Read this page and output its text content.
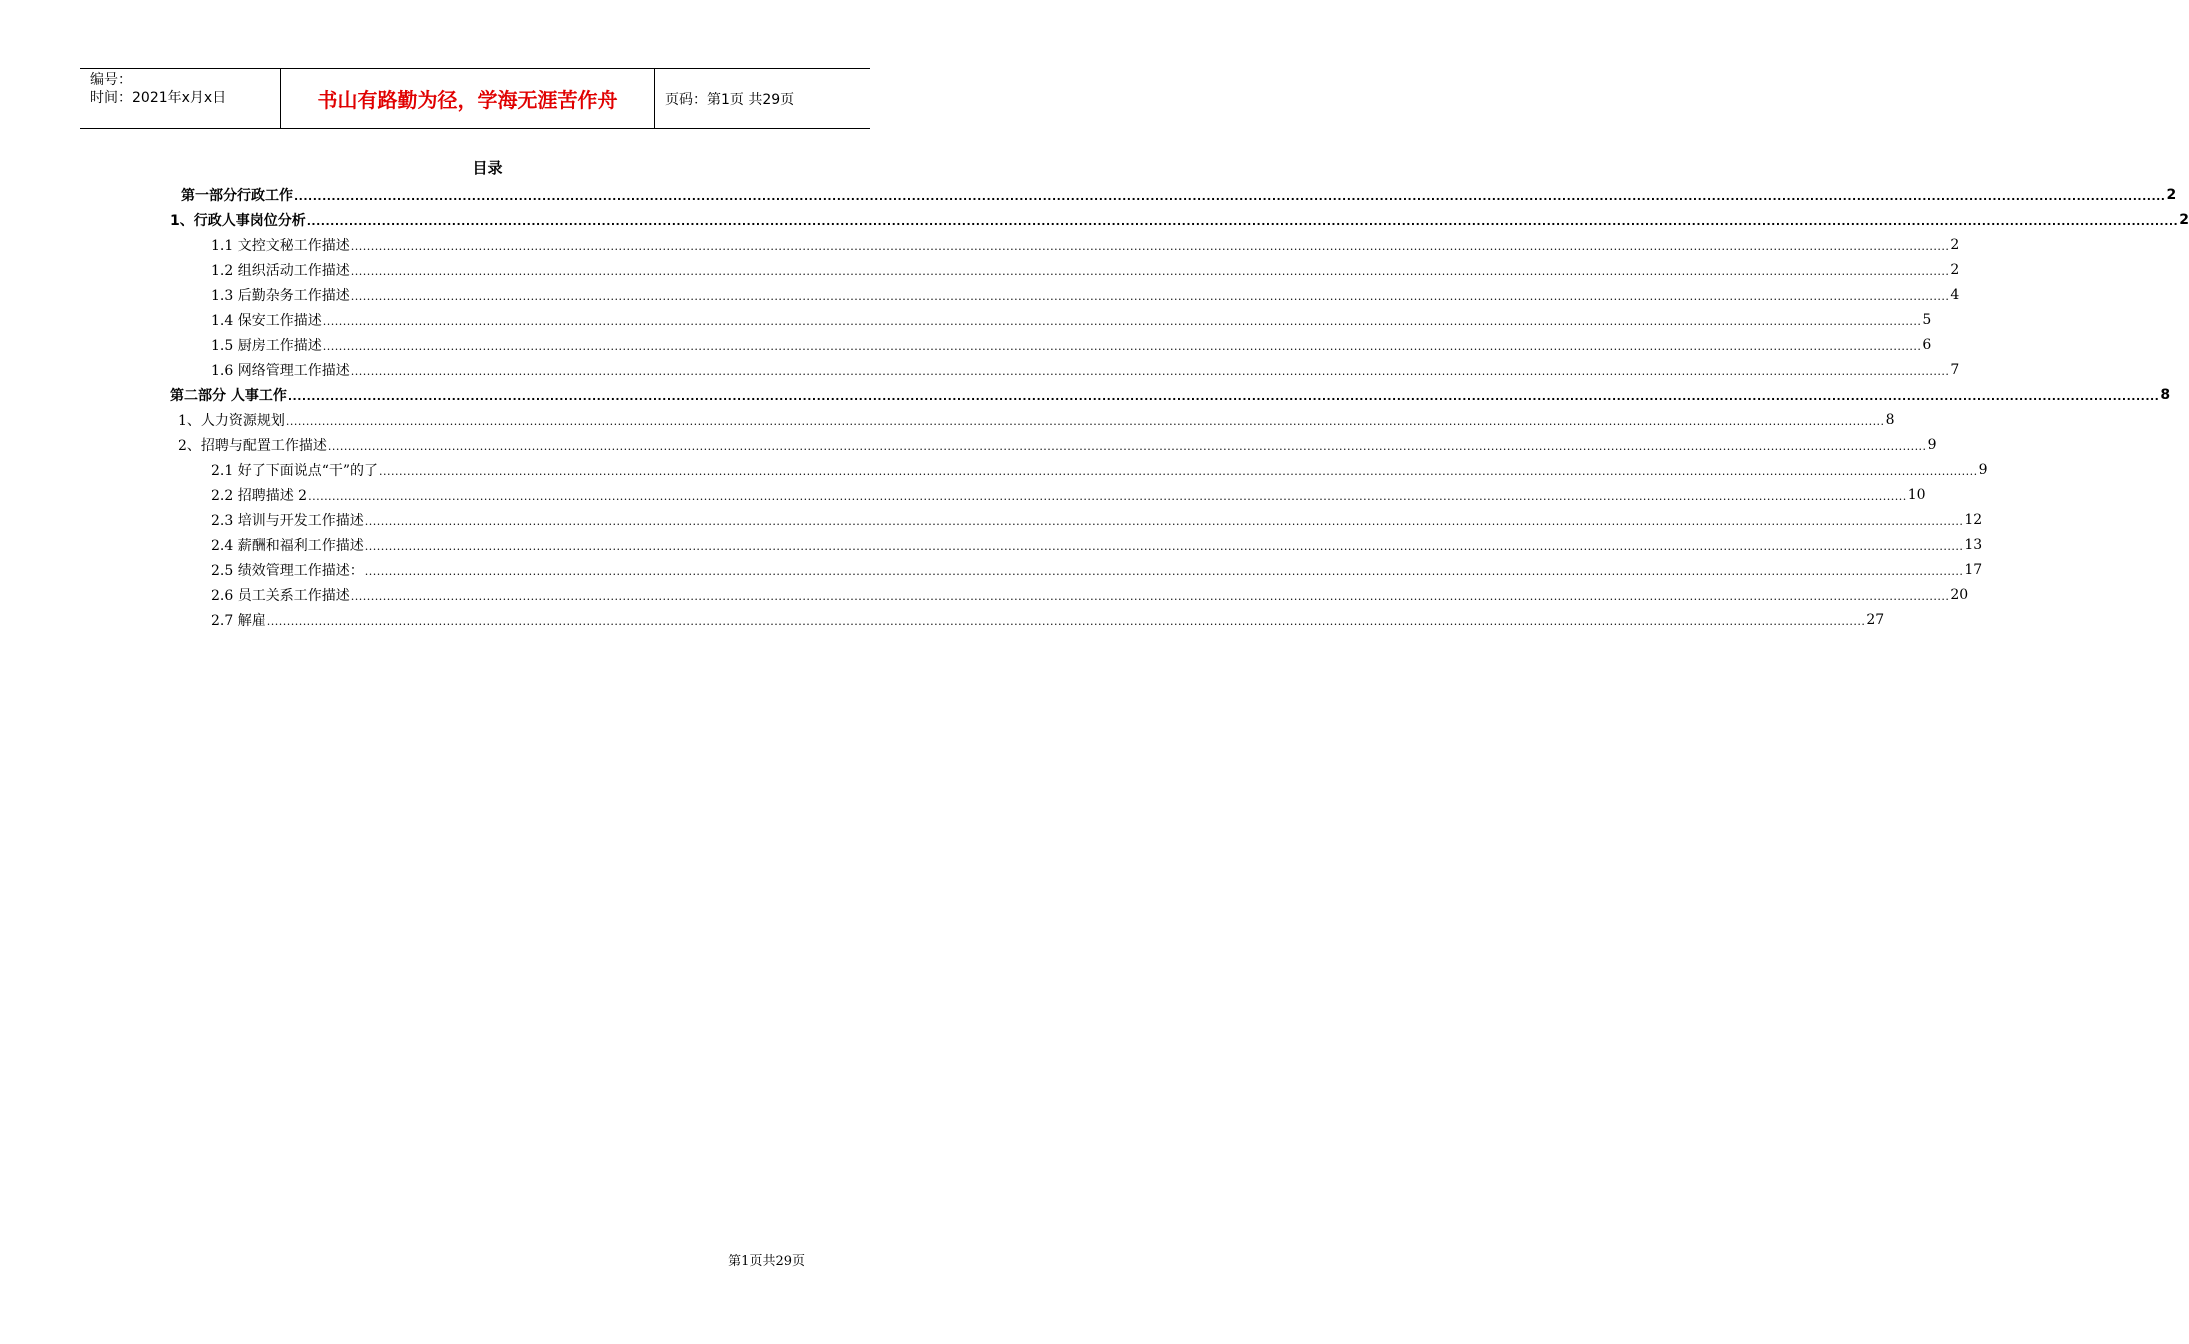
编号：
时间：2021年x月x日	书山有路勤为径，学海无涯苦作舟	页码：第1页 共29页
目录
第一部分行政工作 ................................................................................................................................................................................................................................................................................................................................................................................................................ 2
1、行政人事岗位分析 ................................................................................................................................................................................................................................................................................................................................................................................................................ 2
1.1 文控文秘工作描述 ................................................................................................................................................................................................................................................................................................................................................................................................................ 2
1.2 组织活动工作描述 ................................................................................................................................................................................................................................................................................................................................................................................................................ 2
1.3 后勤杂务工作描述 ................................................................................................................................................................................................................................................................................................................................................................................................................ 4
1.4 保安工作描述 ................................................................................................................................................................................................................................................................................................................................................................................................................ 5
1.5 厨房工作描述 ................................................................................................................................................................................................................................................................................................................................................................................................................ 6
1.6 网络管理工作描述 ................................................................................................................................................................................................................................................................................................................................................................................................................ 7
第二部分 人事工作 ................................................................................................................................................................................................................................................................................................................................................................................................................ 8
1、人力资源规划 ................................................................................................................................................................................................................................................................................................................................................................................................................ 8
2、招聘与配置工作描述 ................................................................................................................................................................................................................................................................................................................................................................................................................ 9
2.1 好了下面说点“干”的了 ................................................................................................................................................................................................................................................................................................................................................................................................................ 9
2.2 招聘描述 2 ................................................................................................................................................................................................................................................................................................................................................................................................................ 10
2.3 培训与开发工作描述 ................................................................................................................................................................................................................................................................................................................................................................................................................ 12
2.4 薪酬和福利工作描述 ................................................................................................................................................................................................................................................................................................................................................................................................................ 13
2.5 绩效管理工作描述： ................................................................................................................................................................................................................................................................................................................................................................................................................ 17
2.6 员工关系工作描述 ................................................................................................................................................................................................................................................................................................................................................................................................................ 20
2.7 解雇 ................................................................................................................................................................................................................................................................................................................................................................................................................ 27
第1页共29页
